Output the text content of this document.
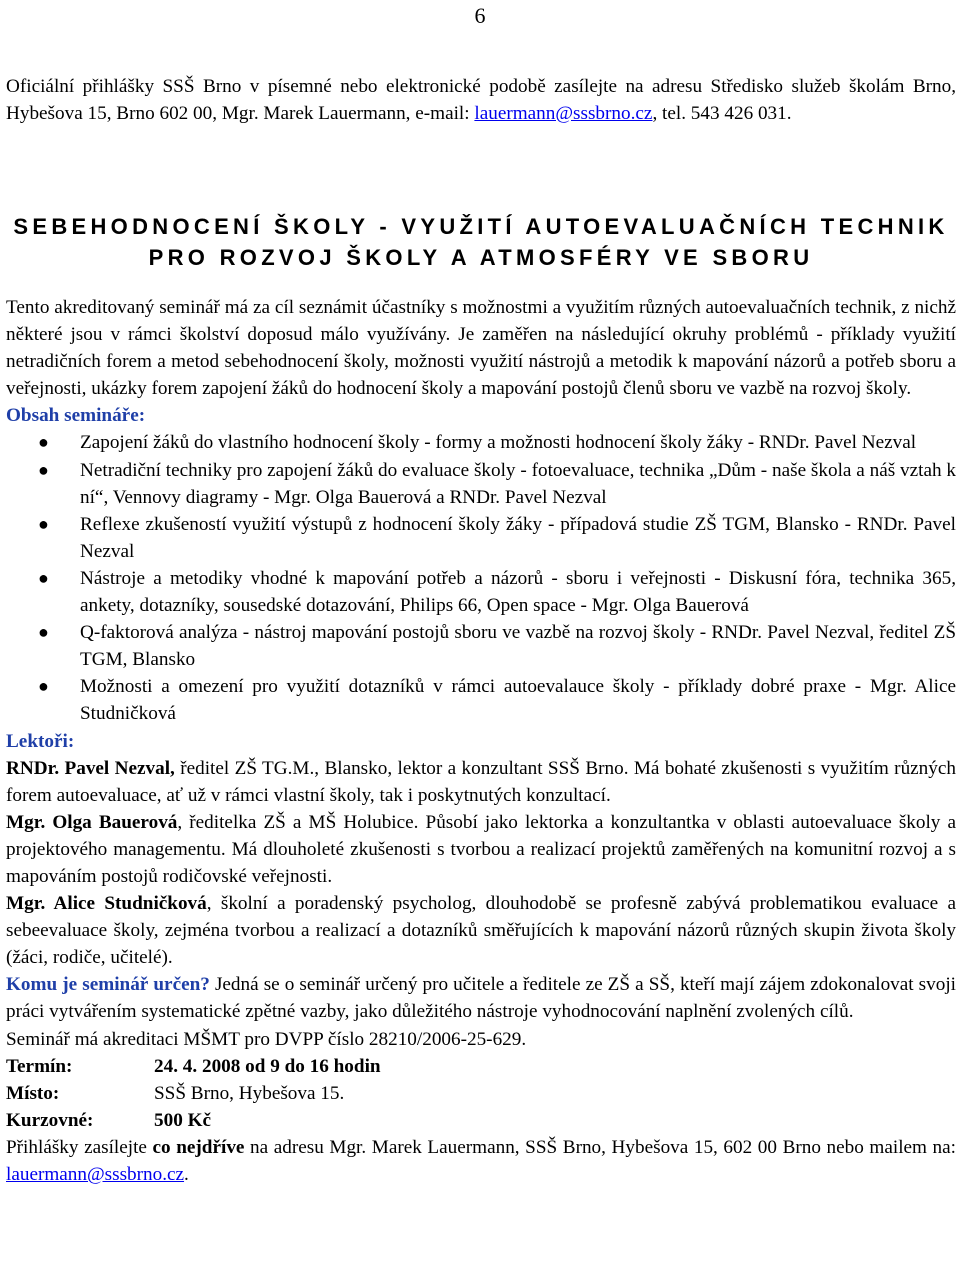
6

Oficiální přihlášky SSŠ Brno v písemné nebo elektronické podobě zasílejte na adresu Středisko služeb školám Brno, Hybešova 15, Brno 602 00, Mgr. Marek Lauermann, e-mail: lauermann@sssbrno.cz, tel. 543 426 031.

SEBEHODNOCENÍ ŠKOLY - VYUŽITÍ AUTOEVALUAČNÍCH TECHNIK
PRO ROZVOJ ŠKOLY A ATMOSFÉRY VE SBORU

Tento akreditovaný seminář má za cíl seznámit účastníky s možnostmi a využitím různých autoevaluačních technik, z nichž některé jsou v rámci školství doposud málo využívány. Je zaměřen na následující okruhy problémů - příklady využití netradičních forem a metod sebehodnocení školy, možnosti využití nástrojů a metodik k mapování názorů a potřeb sboru a veřejnosti, ukázky forem zapojení žáků do hodnocení školy a mapování postojů členů sboru ve vazbě na rozvoj školy.

Obsah semináře:
● Zapojení žáků do vlastního hodnocení školy - formy a možnosti hodnocení školy žáky - RNDr. Pavel Nezval
● Netradiční techniky pro zapojení žáků do evaluace školy - fotoevaluace, technika „Dům - naše škola a náš vztah k ní“, Vennovy diagramy - Mgr. Olga Bauerová a RNDr. Pavel Nezval
● Reflexe zkušeností využití výstupů z hodnocení školy žáky - případová studie ZŠ TGM, Blansko - RNDr. Pavel Nezval
● Nástroje a metodiky vhodné k mapování potřeb a názorů - sboru i veřejnosti - Diskusní fóra, technika 365, ankety, dotazníky, sousedské dotazování, Philips 66, Open space - Mgr. Olga Bauerová
● Q-faktorová analýza - nástroj mapování postojů sboru ve vazbě na rozvoj školy - RNDr. Pavel Nezval, ředitel ZŠ TGM, Blansko
● Možnosti a omezení pro využití dotazníků v rámci autoevalauce školy - příklady dobré praxe - Mgr. Alice Studničková
Lektoři:

RNDr. Pavel Nezval, ředitel ZŠ TG.M., Blansko, lektor a konzultant SSŠ Brno. Má bohaté zkušenosti s využitím různých forem autoevaluace, ať už v rámci vlastní školy, tak i poskytnutých konzultací.

Mgr. Olga Bauerová, ředitelka ZŠ a MŠ Holubice. Působí jako lektorka a konzultantka v oblasti autoevaluace školy a projektového managementu. Má dlouholeté zkušenosti s tvorbou a realizací projektů zaměřených na komunitní rozvoj a s mapováním postojů rodičovské veřejnosti.

Mgr. Alice Studničková, školní a poradenský psycholog, dlouhodobě se profesně zabývá problematikou evaluace a sebeevaluace školy, zejména tvorbou a realizací a dotazníků směřujících k mapování názorů různých skupin života školy (žáci, rodiče, učitelé).

Komu je seminář určen? Jedná se o seminář určený pro učitele a ředitele ze ZŠ a SŠ, kteří mají zájem zdokonalovat svoji práci vytvářením systematické zpětné vazby, jako důležitého nástroje vyhodnocování naplnění zvolených cílů.

Seminář má akreditaci MŠMT pro DVPP číslo 28210/2006-25-629.

Termín:	24. 4. 2008 od 9 do 16 hodin
Místo:	SSŠ Brno, Hybešova 15.
Kurzovné:	500 Kč

Přihlášky zasílejte co nejdříve na adresu Mgr. Marek Lauermann, SSŠ Brno, Hybešova 15, 602 00 Brno nebo mailem na: lauermann@sssbrno.cz.
